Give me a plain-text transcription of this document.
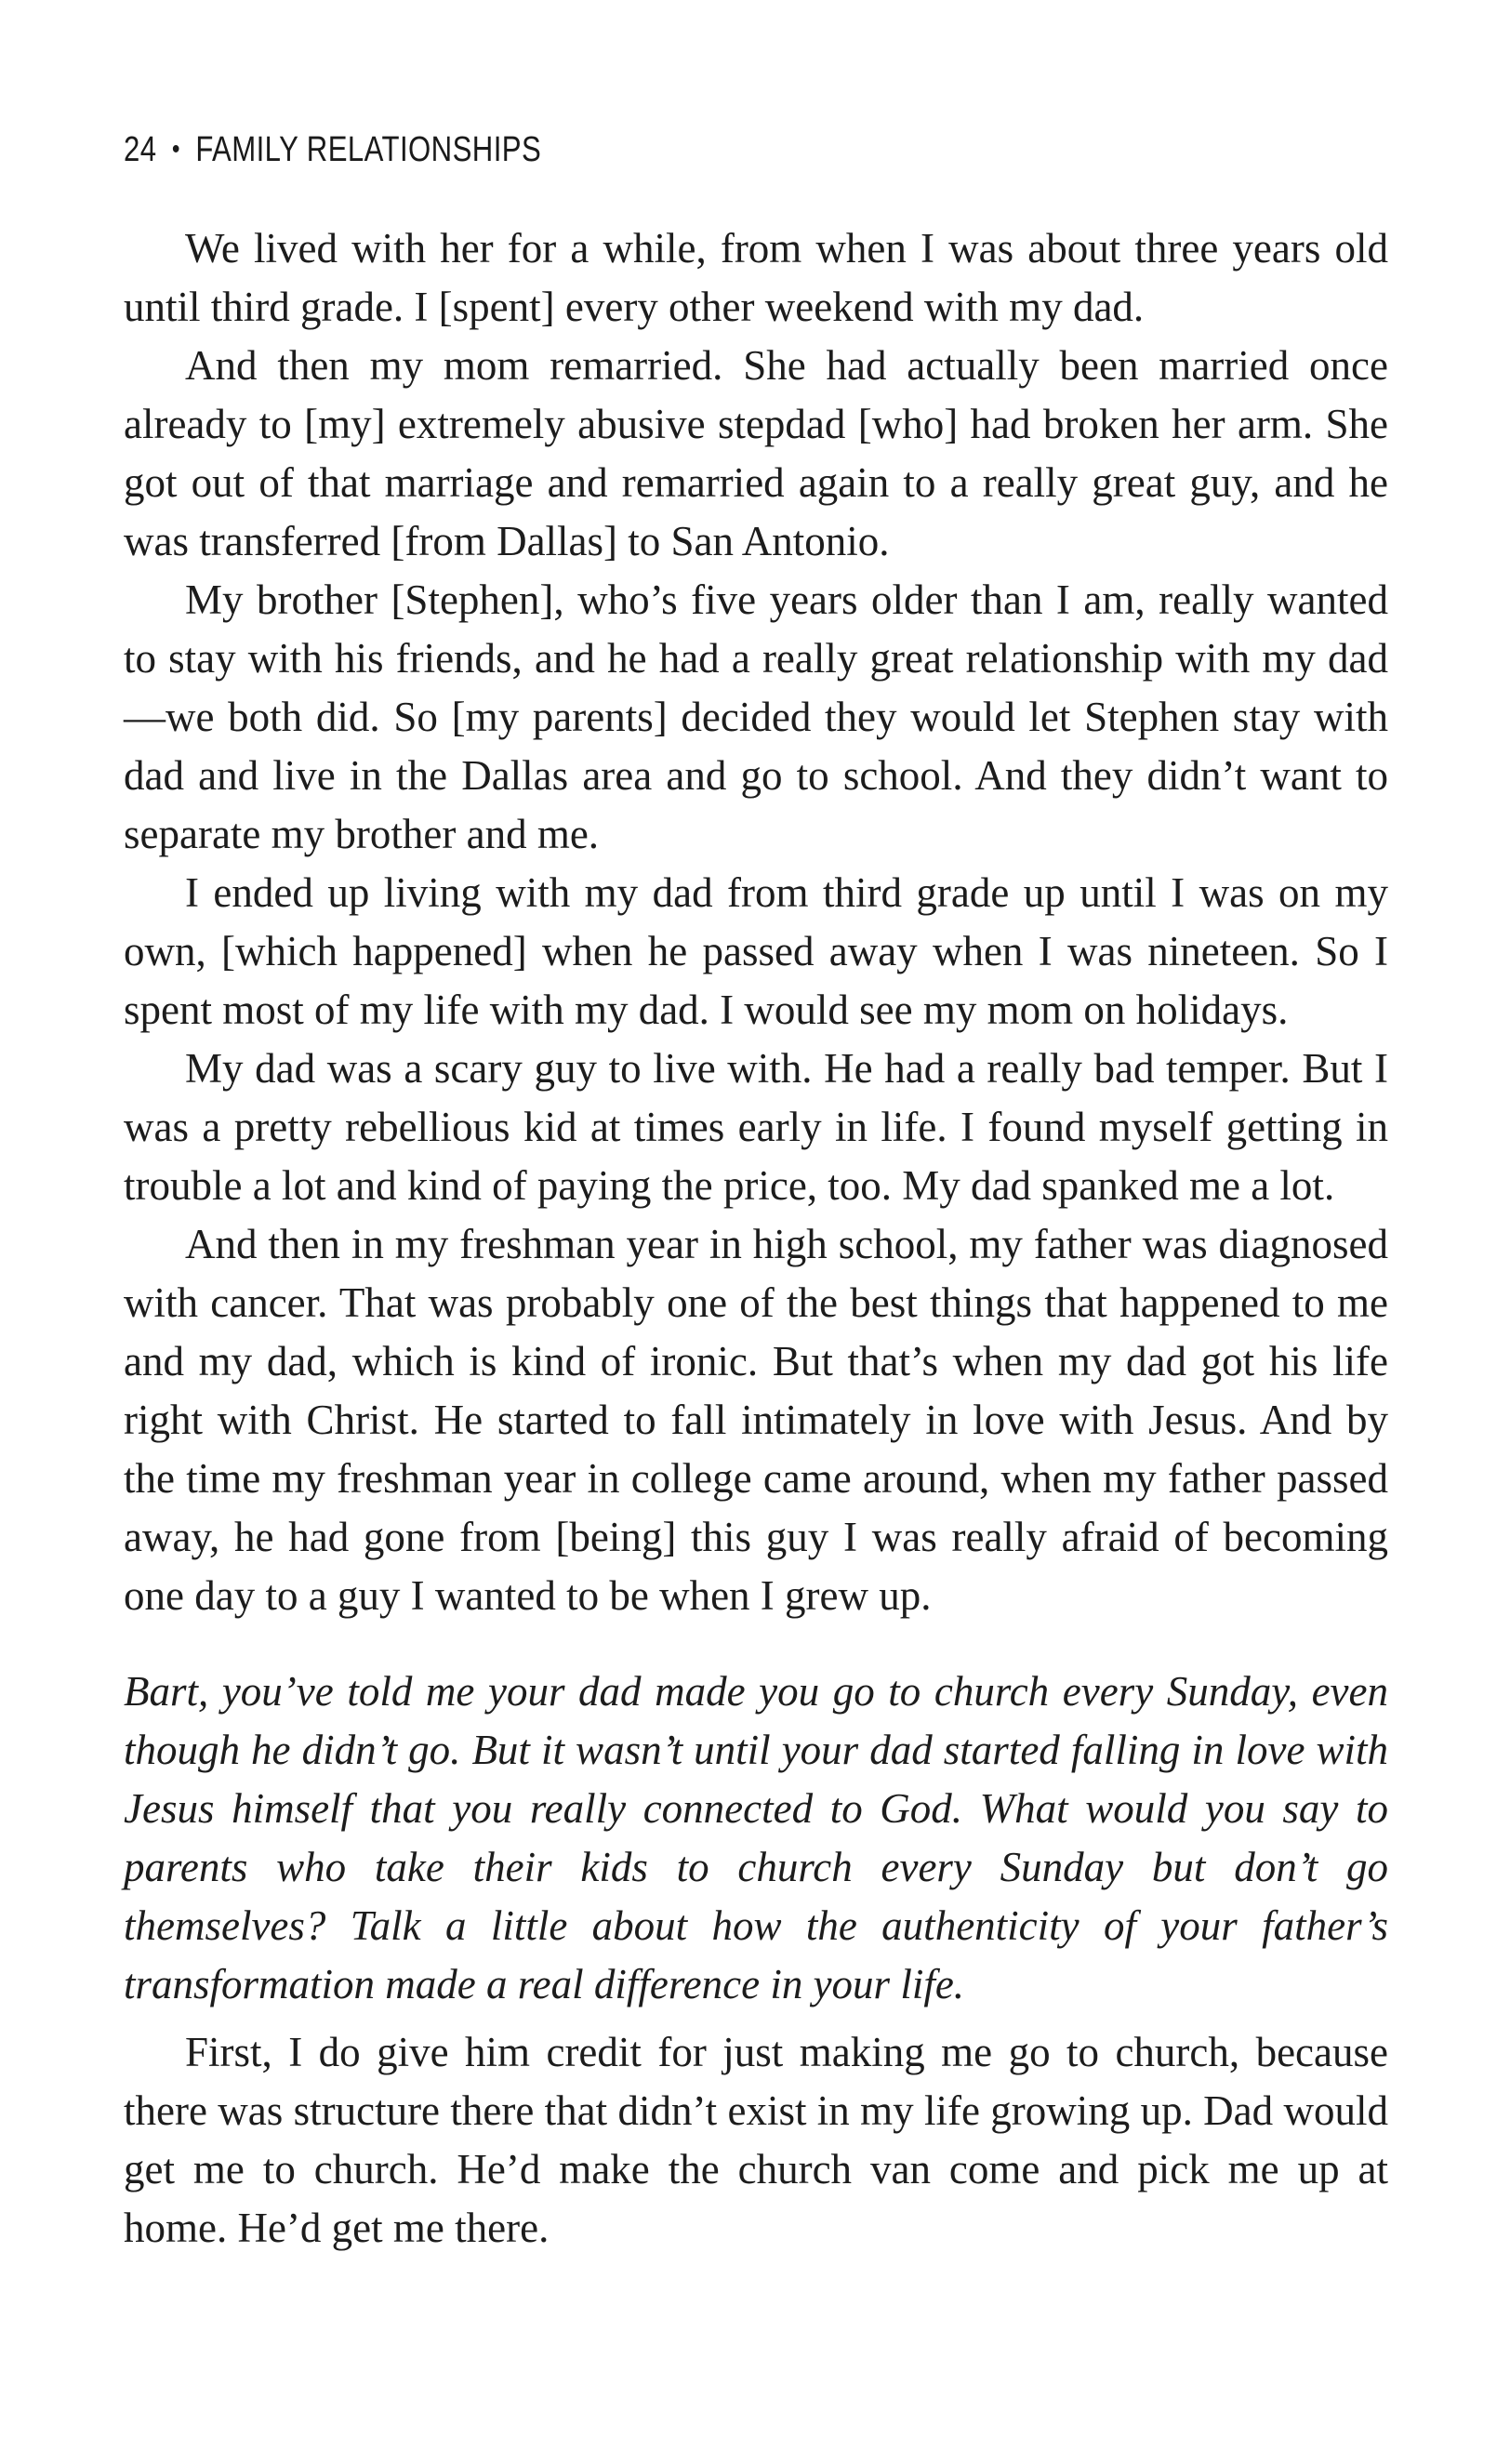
24 • FAMILY RELATIONSHIPS

We lived with her for a while, from when I was about three years old until third grade. I [spent] every other weekend with my dad.

And then my mom remarried. She had actually been married once already to [my] extremely abusive stepdad [who] had broken her arm. She got out of that marriage and remarried again to a really great guy, and he was transferred [from Dallas] to San Antonio.

My brother [Stephen], who’s five years older than I am, really wanted to stay with his friends, and he had a really great relationship with my dad—we both did. So [my parents] decided they would let Stephen stay with dad and live in the Dallas area and go to school. And they didn’t want to separate my brother and me.

I ended up living with my dad from third grade up until I was on my own, [which happened] when he passed away when I was nineteen. So I spent most of my life with my dad. I would see my mom on holidays.

My dad was a scary guy to live with. He had a really bad temper. But I was a pretty rebellious kid at times early in life. I found myself getting in trouble a lot and kind of paying the price, too. My dad spanked me a lot.

And then in my freshman year in high school, my father was diagnosed with cancer. That was probably one of the best things that happened to me and my dad, which is kind of ironic. But that’s when my dad got his life right with Christ. He started to fall intimately in love with Jesus. And by the time my freshman year in college came around, when my father passed away, he had gone from [being] this guy I was really afraid of becoming one day to a guy I wanted to be when I grew up.

Bart, you’ve told me your dad made you go to church every Sunday, even though he didn’t go. But it wasn’t until your dad started falling in love with Jesus himself that you really connected to God. What would you say to parents who take their kids to church every Sunday but don’t go themselves? Talk a little about how the authenticity of your father’s transformation made a real difference in your life.

First, I do give him credit for just making me go to church, because there was structure there that didn’t exist in my life growing up. Dad would get me to church. He’d make the church van come and pick me up at home. He’d get me there.
